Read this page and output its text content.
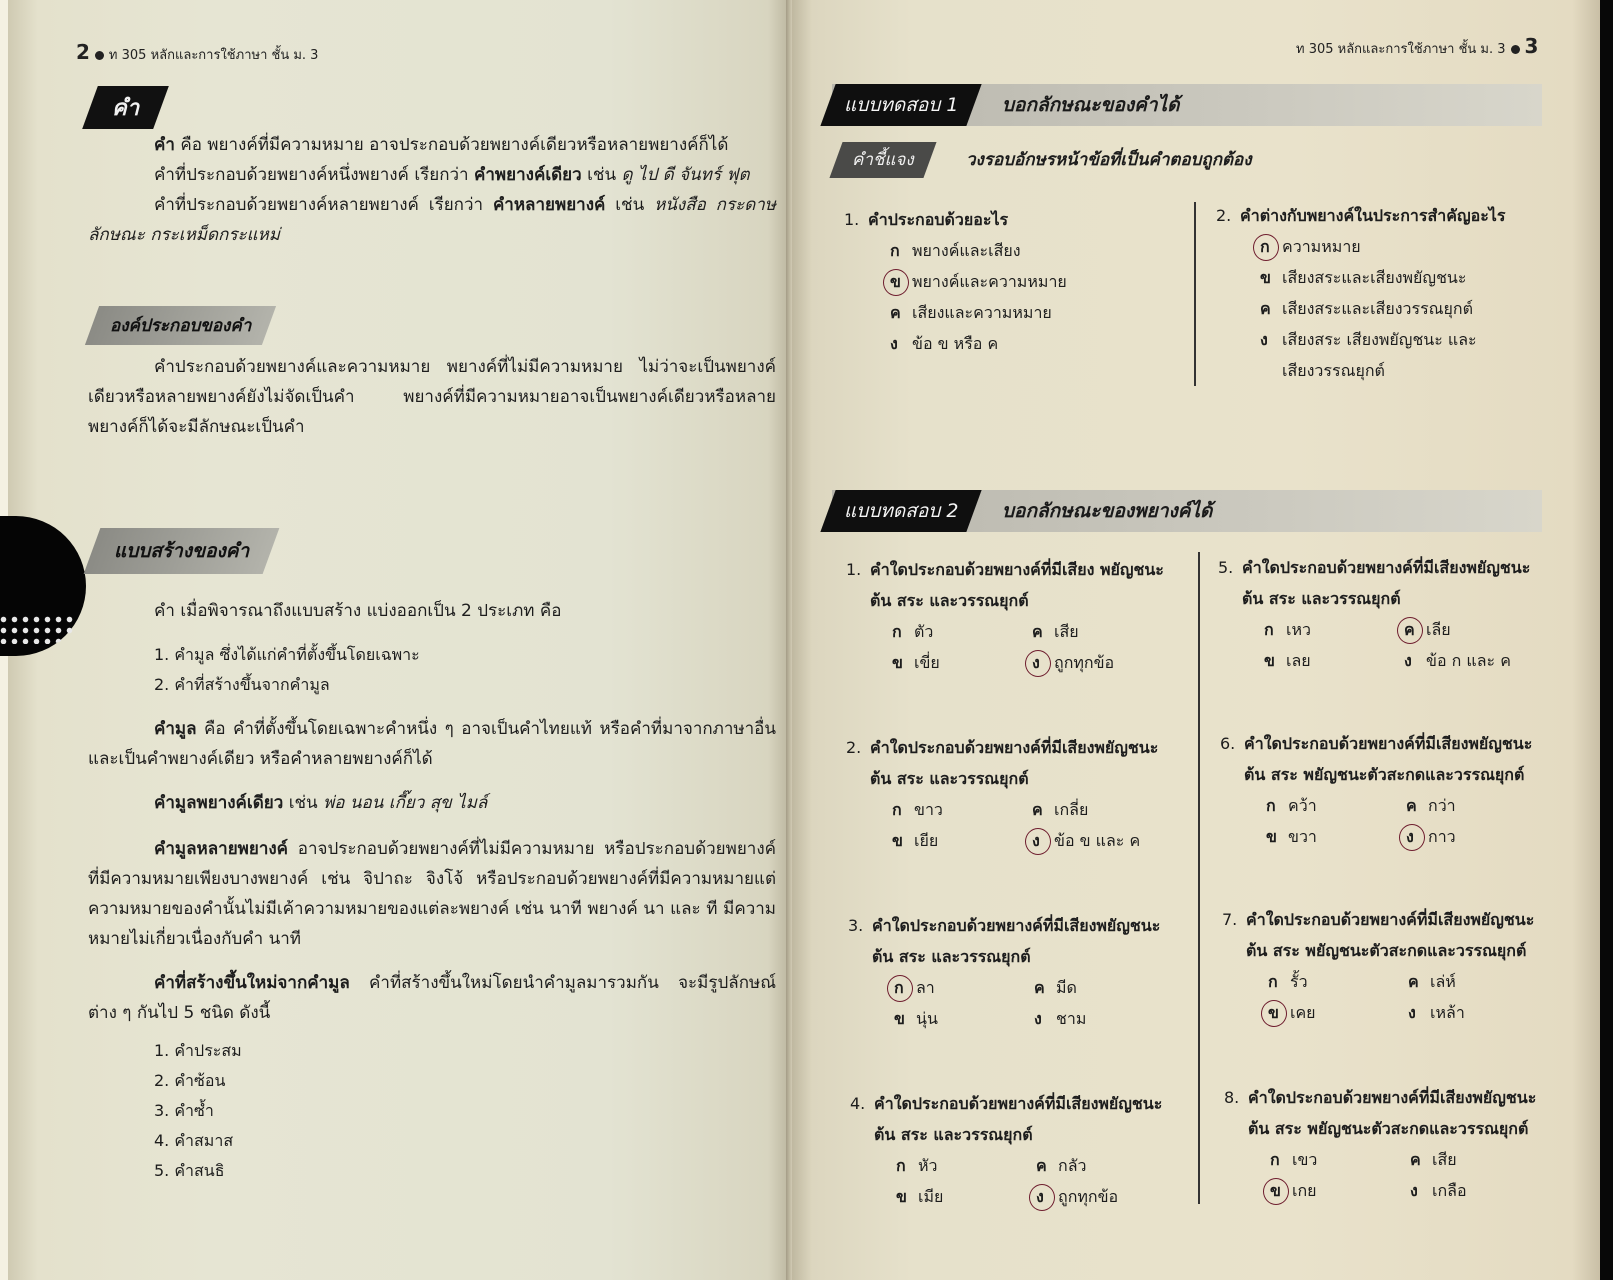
2 ท 305 หลักและการใช้ภาษา ชั้น ม. 3
คำ
คำ คือ พยางค์ที่มีความหมาย อาจประกอบด้วยพยางค์เดียวหรือหลายพยางค์ก็ได้
คำที่ประกอบด้วยพยางค์หนึ่งพยางค์ เรียกว่า คำพยางค์เดียว เช่น ดู ไป ดี จันทร์ ฟุต
คำที่ประกอบด้วยพยางค์หลายพยางค์ เรียกว่า คำหลายพยางค์ เช่น หนังสือ กระดาษ ลักษณะ กระเหม็ดกระแหม่
องค์ประกอบของคำ
คำประกอบด้วยพยางค์และความหมาย พยางค์ที่ไม่มีความหมาย ไม่ว่าจะเป็นพยางค์เดียวหรือหลายพยางค์ยังไม่จัดเป็นคำ พยางค์ที่มีความหมายอาจเป็นพยางค์เดียวหรือหลายพยางค์ก็ได้จะมีลักษณะเป็นคำ
แบบสร้างของคำ
คำ เมื่อพิจารณาถึงแบบสร้าง แบ่งออกเป็น 2 ประเภท คือ
1. คำมูล ซึ่งได้แก่คำที่ตั้งขึ้นโดยเฉพาะ
2. คำที่สร้างขึ้นจากคำมูล
คำมูล คือ คำที่ตั้งขึ้นโดยเฉพาะคำหนึ่ง ๆ อาจเป็นคำไทยแท้ หรือคำที่มาจากภาษาอื่นและเป็นคำพยางค์เดียว หรือคำหลายพยางค์ก็ได้
คำมูลพยางค์เดียว เช่น พ่อ นอน เกี๊ยว สุข ไมล์
คำมูลหลายพยางค์ อาจประกอบด้วยพยางค์ที่ไม่มีความหมาย หรือประกอบด้วยพยางค์ที่มีความหมายเพียงบางพยางค์ เช่น จิปาถะ จิงโจ้ หรือประกอบด้วยพยางค์ที่มีความหมายแต่ความหมายของคำนั้นไม่มีเค้าความหมายของแต่ละพยางค์ เช่น นาที พยางค์ นา และ ที มีความหมายไม่เกี่ยวเนื่องกับคำ นาที
คำที่สร้างขึ้นใหม่จากคำมูล คำที่สร้างขึ้นใหม่โดยนำคำมูลมารวมกัน จะมีรูปลักษณ์ต่าง ๆ กันไป 5 ชนิด ดังนี้
1. คำประสม
2. คำซ้อน
3. คำซ้ำ
4. คำสมาส
5. คำสนธิ
ท 305 หลักและการใช้ภาษา ชั้น ม. 3 3
แบบทดสอบ 1	บอกลักษณะของคำได้
คำชี้แจง	วงรอบอักษรหน้าข้อที่เป็นคำตอบถูกต้อง
1. คำประกอบด้วยอะไร
ก พยางค์และเสียง
ข พยางค์และความหมาย
ค เสียงและความหมาย
ง ข้อ ข หรือ ค
2. คำต่างกับพยางค์ในประการสำคัญอะไร
ก ความหมาย
ข เสียงสระและเสียงพยัญชนะ
ค เสียงสระและเสียงวรรณยุกต์
ง เสียงสระ เสียงพยัญชนะ และ
เสียงวรรณยุกต์
แบบทดสอบ 2	บอกลักษณะของพยางค์ได้
1. คำใดประกอบด้วยพยางค์ที่มีเสียง พยัญชนะ
ต้น สระ และวรรณยุกต์
ก ตัว	ค เสีย
ข เขี่ย	ง ถูกทุกข้อ
2. คำใดประกอบด้วยพยางค์ที่มีเสียงพยัญชนะ
ต้น สระ และวรรณยุกต์
ก ขาว	ค เกลี่ย
ข เยีย	ง ข้อ ข และ ค
3. คำใดประกอบด้วยพยางค์ที่มีเสียงพยัญชนะ
ต้น สระ และวรรณยุกต์
ก ลา	ค มีด
ข นุ่น	ง ชาม
4. คำใดประกอบด้วยพยางค์ที่มีเสียงพยัญชนะ
ต้น สระ และวรรณยุกต์
ก หัว	ค กลัว
ข เมีย	ง ถูกทุกข้อ
5. คำใดประกอบด้วยพยางค์ที่มีเสียงพยัญชนะ
ต้น สระ และวรรณยุกต์
ก เหว	ค เลีย
ข เลย	ง ข้อ ก และ ค
6. คำใดประกอบด้วยพยางค์ที่มีเสียงพยัญชนะ
ต้น สระ พยัญชนะตัวสะกดและวรรณยุกต์
ก คว้า	ค กว่า
ข ขวา	ง กาว
7. คำใดประกอบด้วยพยางค์ที่มีเสียงพยัญชนะ
ต้น สระ พยัญชนะตัวสะกดและวรรณยุกต์
ก รั้ว	ค เล่ห์
ข เคย	ง เหล้า
8. คำใดประกอบด้วยพยางค์ที่มีเสียงพยัญชนะ
ต้น สระ พยัญชนะตัวสะกดและวรรณยุกต์
ก เขว	ค เสีย
ข เกย	ง เกลือ
